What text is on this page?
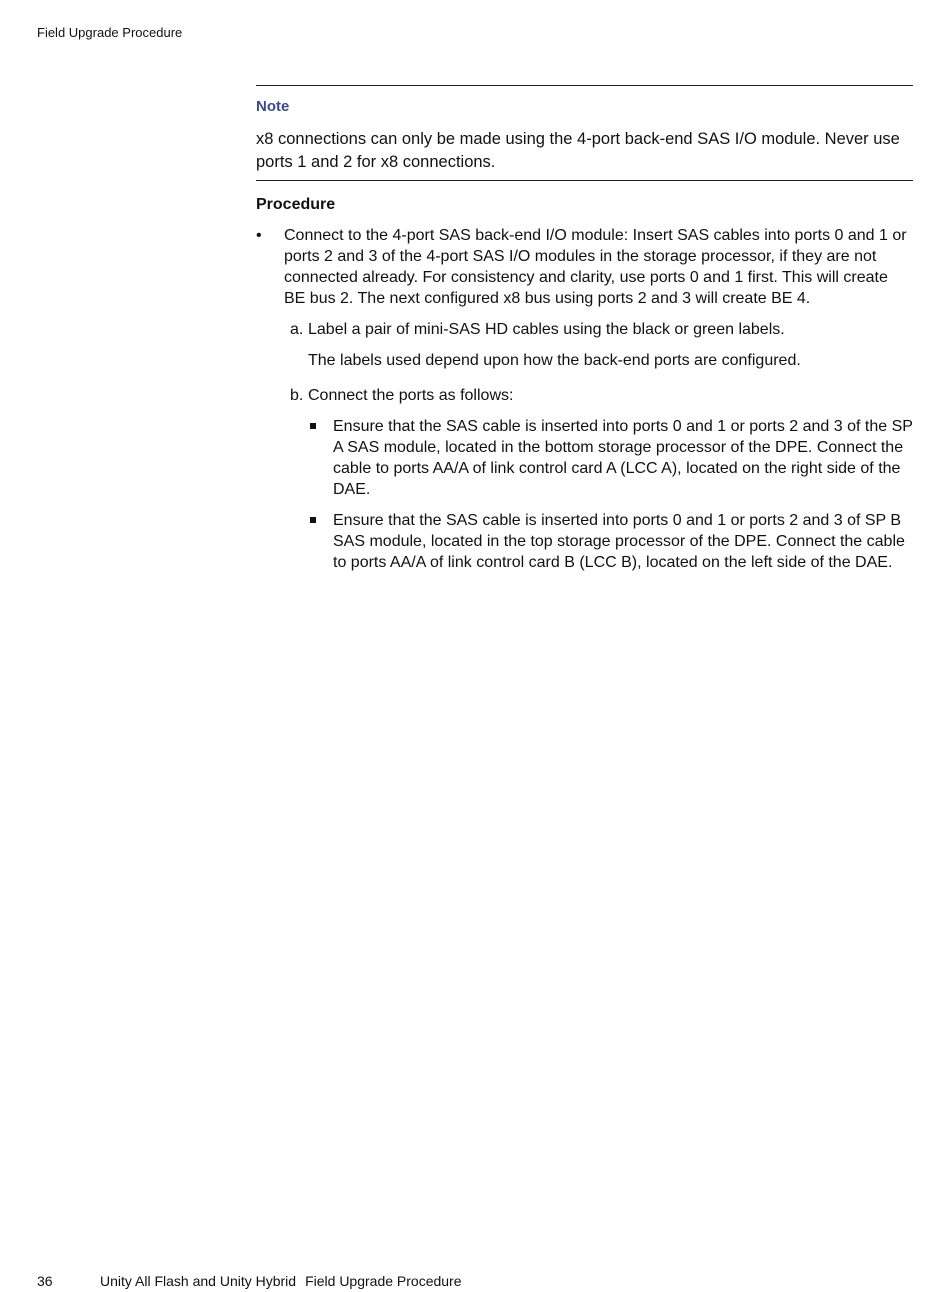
Field Upgrade Procedure
Note
x8 connections can only be made using the 4-port back-end SAS I/O module. Never use ports 1 and 2 for x8 connections.
Procedure
• Connect to the 4-port SAS back-end I/O module: Insert SAS cables into ports 0 and 1 or ports 2 and 3 of the 4-port SAS I/O modules in the storage processor, if they are not connected already. For consistency and clarity, use ports 0 and 1 first. This will create BE bus 2. The next configured x8 bus using ports 2 and 3 will create BE 4.
a. Label a pair of mini-SAS HD cables using the black or green labels.
The labels used depend upon how the back-end ports are configured.
b. Connect the ports as follows:
Ensure that the SAS cable is inserted into ports 0 and 1 or ports 2 and 3 of the SP A SAS module, located in the bottom storage processor of the DPE. Connect the cable to ports AA/A of link control card A (LCC A), located on the right side of the DAE.
Ensure that the SAS cable is inserted into ports 0 and 1 or ports 2 and 3 of SP B SAS module, located in the top storage processor of the DPE. Connect the cable to ports AA/A of link control card B (LCC B), located on the left side of the DAE.
36	Unity All Flash and Unity Hybrid Field Upgrade Procedure
